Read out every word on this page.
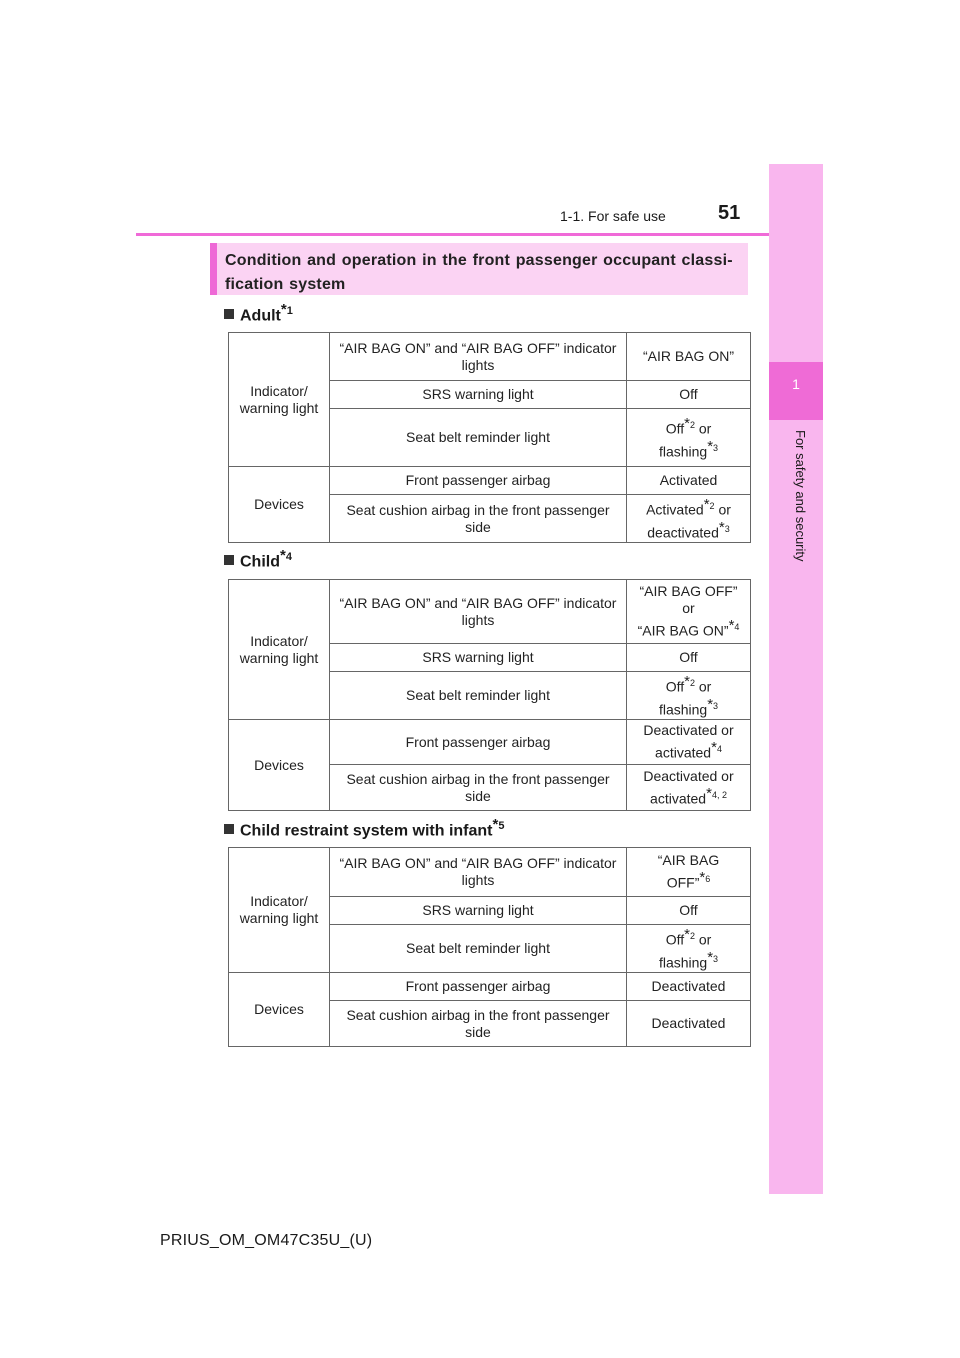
1-1. For safe use	51
1
For safety and security
Condition and operation in the front passenger occupant classi-
fication system
Adult$^{*1}$
Indicator/ warning light	“AIR BAG ON” and “AIR BAG OFF” indicator lights	“AIR BAG ON”
	SRS warning light	Off
	Seat belt reminder light	Off$^{*2}$ or
flashing$^{*3}$
Devices	Front passenger airbag	Activated
	Seat cushion airbag in the front passenger side	Activated$^{*2}$ or
deactivated$^{*3}$
Child$^{*4}$
Indicator/ warning light	“AIR BAG ON” and “AIR BAG OFF” indicator lights	“AIR BAG OFF”
or
“AIR BAG ON”$^{*4}$
	SRS warning light	Off
	Seat belt reminder light	Off$^{*2}$ or
flashing$^{*3}$
Devices	Front passenger airbag	Deactivated or
activated$^{*4}$
	Seat cushion airbag in the front passenger side	Deactivated or
activated$^{*4, 2}$
Child restraint system with infant$^{*5}$
Indicator/ warning light	“AIR BAG ON” and “AIR BAG OFF” indicator lights	“AIR BAG
OFF”$^{*6}$
	SRS warning light	Off
	Seat belt reminder light	Off$^{*2}$ or
flashing$^{*3}$
Devices	Front passenger airbag	Deactivated
	Seat cushion airbag in the front passenger side	Deactivated
PRIUS_OM_OM47C35U_(U)
